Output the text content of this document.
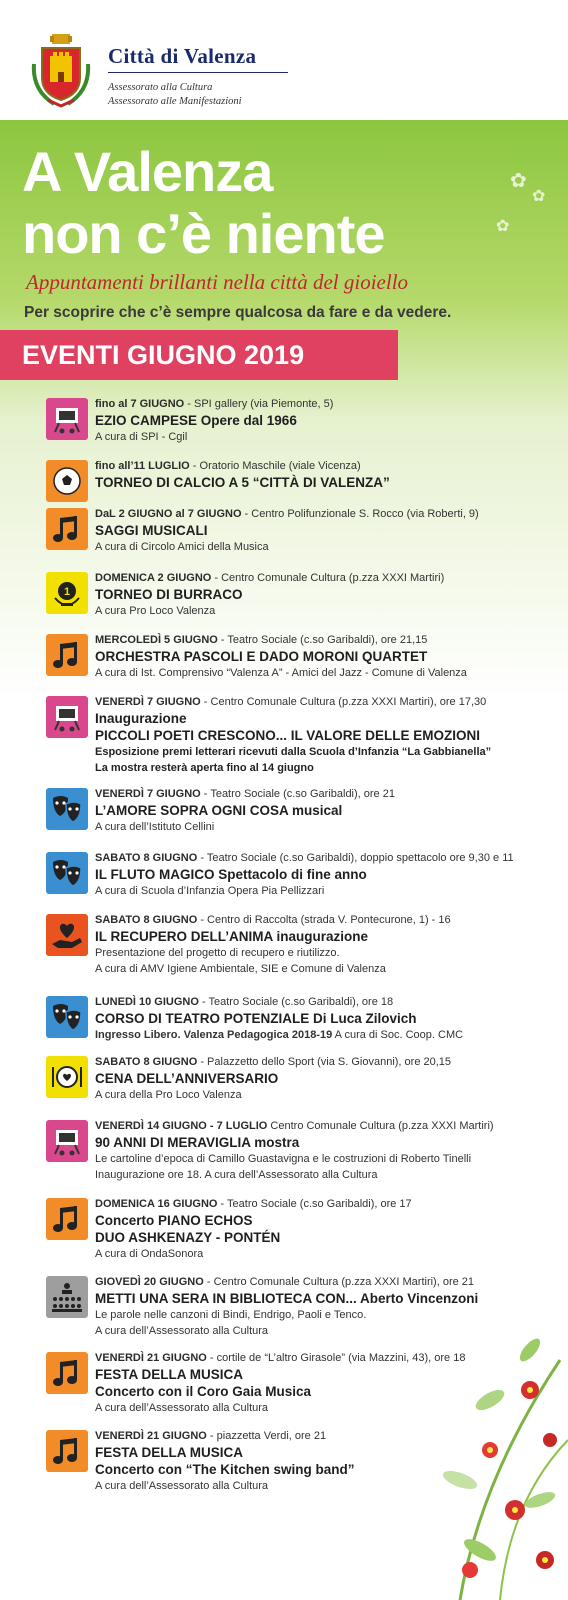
Città di Valenza
Assessorato alla Cultura
Assessorato alle Manifestazioni
A Valenza
non c’è niente
✿
✿
✿
Appuntamenti brillanti nella città del gioiello
Per scoprire che c’è sempre qualcosa da fare e da vedere.
EVENTI GIUGNO 2019
fino al 7 GIUGNO - SPI gallery (via Piemonte, 5)
EZIO CAMPESE Opere dal 1966
A cura di SPI - Cgil
fino all’11 LUGLIO - Oratorio Maschile (viale Vicenza)
TORNEO DI CALCIO A 5 “CITTÀ DI VALENZA”
DaL 2 GIUGNO al 7 GIUGNO - Centro Polifunzionale S. Rocco (via Roberti, 9)
SAGGI MUSICALI
A cura di Circolo Amici della Musica
1
DOMENICA 2 GIUGNO - Centro Comunale Cultura (p.zza XXXI Martiri)
TORNEO DI BURRACO
A cura Pro Loco Valenza
MERCOLEDÌ 5 GIUGNO - Teatro Sociale (c.so Garibaldi), ore 21,15
ORCHESTRA PASCOLI E DADO MORONI QUARTET
A cura di Ist. Comprensivo “Valenza A” - Amici del Jazz - Comune di Valenza
VENERDÌ 7 GIUGNO - Centro Comunale Cultura (p.zza XXXI Martiri), ore 17,30
Inaugurazione
PICCOLI POETI CRESCONO... IL VALORE DELLE EMOZIONI
Esposizione premi letterari ricevuti dalla Scuola d’Infanzia “La Gabbianella”
La mostra resterà aperta fino al 14 giugno
VENERDÌ 7 GIUGNO - Teatro Sociale (c.so Garibaldi), ore 21
L’AMORE SOPRA OGNI COSA musical
A cura dell’Istituto Cellini
SABATO 8 GIUGNO - Teatro Sociale (c.so Garibaldi), doppio spettacolo ore 9,30 e 11
IL FLUTO MAGICO Spettacolo di fine anno
A cura di Scuola d’Infanzia Opera Pia Pellizzari
SABATO 8 GIUGNO - Centro di Raccolta (strada V. Pontecurone, 1) - 16
IL RECUPERO DELL’ANIMA inaugurazione
Presentazione del progetto di recupero e riutilizzo.
A cura di AMV Igiene Ambientale, SIE e Comune di Valenza
LUNEDÌ 10 GIUGNO - Teatro Sociale (c.so Garibaldi), ore 18
CORSO DI TEATRO POTENZIALE Di Luca Zilovich
Ingresso Libero. Valenza Pedagogica 2018-19 A cura di Soc. Coop. CMC
SABATO 8 GIUGNO - Palazzetto dello Sport (via S. Giovanni), ore 20,15
CENA DELL’ANNIVERSARIO
A cura della Pro Loco Valenza
VENERDÌ 14 GIUGNO - 7 LUGLIO Centro Comunale Cultura (p.zza XXXI Martiri)
90 ANNI DI MERAVIGLIA mostra
Le cartoline d’epoca di Camillo Guastavigna e le costruzioni di Roberto Tinelli
Inaugurazione ore 18. A cura dell’Assessorato alla Cultura
DOMENICA 16 GIUGNO - Teatro Sociale (c.so Garibaldi), ore 17
Concerto PIANO ECHOS
DUO ASHKENAZY - PONTÉN
A cura di OndaSonora
GIOVEDÌ 20 GIUGNO - Centro Comunale Cultura (p.zza XXXI Martiri), ore 21
METTI UNA SERA IN BIBLIOTECA CON... Aberto Vincenzoni
Le parole nelle canzoni di Bindi, Endrigo, Paoli e Tenco.
A cura dell’Assessorato alla Cultura
VENERDÌ 21 GIUGNO - cortile de “L’altro Girasole” (via Mazzini, 43), ore 18
FESTA DELLA MUSICA
Concerto con il Coro Gaia Musica
A cura dell’Assessorato alla Cultura
VENERDÌ 21 GIUGNO - piazzetta Verdi, ore 21
FESTA DELLA MUSICA
Concerto con “The Kitchen swing band”
A cura dell’Assessorato alla Cultura
